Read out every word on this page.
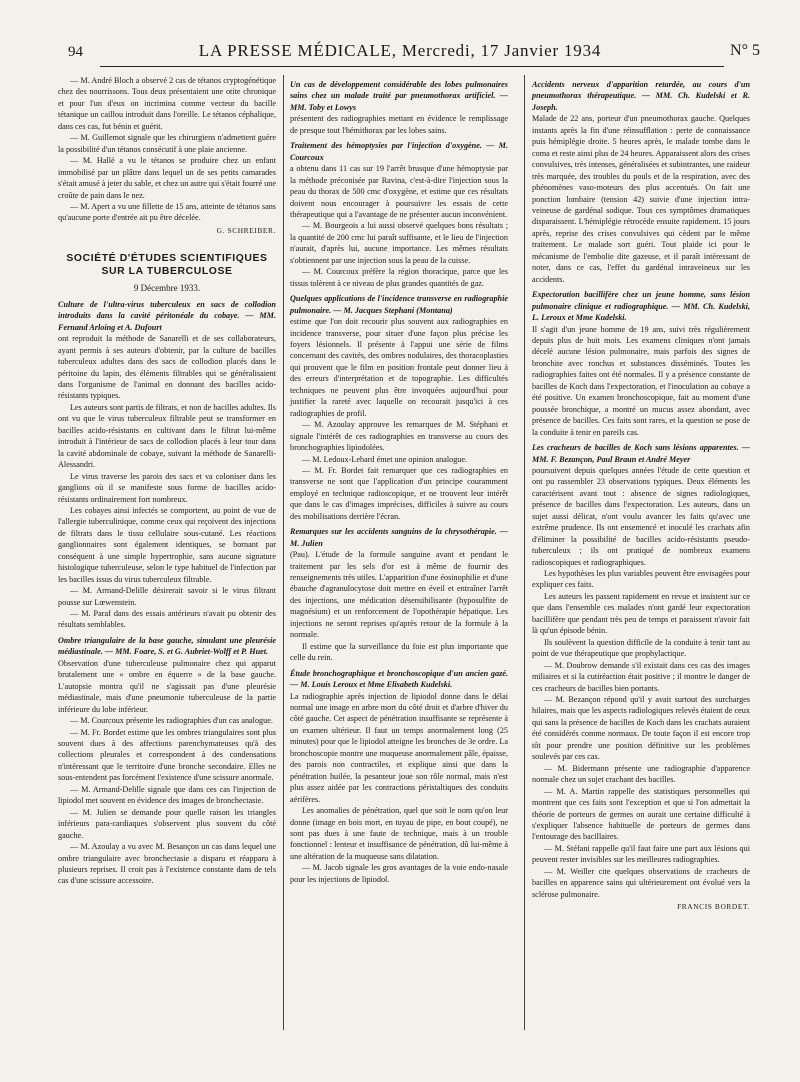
94	LA PRESSE MÉDICALE, Mercredi, 17 Janvier 1934	N° 5

— M. André Bloch a observé 2 cas de tétanos cryptogénétique chez des nourrissons. Tous deux présentaient une otite chronique et pour l'un d'eux on incrimina comme vecteur du bacille tétanique un caillou introduit dans l'oreille. Le tétanos céphalique, dans ces cas, fut bénin et guérit.

— M. Guillemot signale que les chirurgiens n'admettent guère la possibilité d'un tétanos consécutif à une plaie ancienne.

— M. Hallé a vu le tétanos se produire chez un enfant immobilisé par un plâtre dans lequel un de ses petits camarades s'était amusé à jeter du sable, et chez un autre qui s'était fourré une croûte de pain dans le nez.

— M. Apert a vu une fillette de 15 ans, atteinte de tétanos sans qu'aucune porte d'entrée ait pu être décelée.

G. SCHREIBER.

SOCIÉTÉ D'ÉTUDES SCIENTIFIQUES
SUR LA TUBERCULOSE
9 Décembre 1933.

Culture de l'ultra-virus tuberculeux en sacs de collodion introduits dans la cavité péritonéale du cobaye. — MM. Fernand Arloing et A. Dufourt

ont reproduit la méthode de Sanarelli et de ses collaborateurs, ayant permis à ses auteurs d'obtenir, par la culture de bacilles tuberculeux adultes dans des sacs de collodion placés dans le péritoine du lapin, des éléments filtrables qui se généralisaient dans l'organisme de l'animal en donnant des bacilles acido-résistants typiques.

Les auteurs sont partis de filtrats, et non de bacilles adultes. Ils ont vu que le virus tuberculeux filtrable peut se transformer en bacilles acido-résistants en cultivant dans le filtrat lui-même introduit à l'intérieur de sacs de collodion placés à leur tour dans la cavité abdominale de cobaye, suivant la méthode de Sanarelli-Alessandri.

Le virus traverse les parois des sacs et va coloniser dans les ganglions où il se manifeste sous forme de bacilles acido-résistants ordinairement fort nombreux.

Les cobayes ainsi infectés se comportent, au point de vue de l'allergie tuberculinique, comme ceux qui reçoivent des injections de filtrats dans le tissu cellulaire sous-cutané. Les réactions ganglionnaires sont également identiques, se bornant par conséquent à une simple hypertrophie, sans aucune signature histologique tuberculeuse, selon le type habituel de l'infection par les bacilles issus du virus tuberculeux filtrable.

— M. Armand-Delille désirerait savoir si le virus filtrant pousse sur Lœwenstein.

— M. Paraf dans des essais antérieurs n'avait pu obtenir des résultats semblables.

Ombre triangulaire de la base gauche, simulant une pleurésie médiastinale. — MM. Foare, S. et G. Aubriet-Wolff et P. Huet.

Observation d'une tuberculeuse pulmonaire chez qui apparut brutalement une « ombre en équerre » de la base gauche. L'autopsie montra qu'il ne s'agissait pas d'une pleurésie médiastinale, mais d'une pneumonie tuberculeuse de la partie inférieure du lobe inférieur.

— M. Courcoux présente les radiographies d'un cas analogue.

— M. Fr. Bordet estime que les ombres triangulaires sont plus souvent dues à des affections parenchymateuses qu'à des collections pleurales et correspondent à des condensations n'intéressant que le territoire d'une bronche secondaire. Elles ne sous-entendent pas forcément l'existence d'une scissure anormale.

— M. Armand-Delille signale que dans ces cas l'injection de lipiodol met souvent en évidence des images de bronchectasie.

— M. Julien se demande pour quelle raison les triangles inférieurs para-cardiaques s'observent plus souvent du côté gauche.

— M. Azoulay a vu avec M. Besançon un cas dans lequel une ombre triangulaire avec bronchectasie a disparu et réapparu à plusieurs reprises. Il croit pas à l'existence constante dans de tels cas d'une scissure accessoire.

Un cas de développement considérable des lobes pulmonaires sains chez un malade traité par pneumothorax artificiel. — MM. Toby et Lowys

présentent des radiographies mettant en évidence le remplissage de presque tout l'hémithorax par les lobes sains.

Traitement des hémoptysies par l'injection d'oxygène. — M. Courcoux

a obtenu dans 11 cas sur 19 l'arrêt brusque d'une hémoptysie par la méthode préconisée par Ravina, c'est-à-dire l'injection sous la peau du thorax de 500 cmc d'oxygène, et estime que ces résultats doivent nous encourager à poursuivre les essais de cette thérapeutique qui a l'avantage de ne présenter aucun inconvénient.

— M. Bourgeois a lui aussi observé quelques bons résultats ; la quantité de 200 cmc lui paraît suffisante, et le lieu de l'injection n'aurait, d'après lui, aucune importance. Les mêmes résultats s'obtiennent par une injection sous la peau de la cuisse.

— M. Courcoux préfère la région thoracique, parce que les tissus tolèrent à ce niveau de plus grandes quantités de gaz.

Quelques applications de l'incidence transverse en radiographie pulmonaire. — M. Jacques Stephani (Montana)

estime que l'on doit recourir plus souvent aux radiographies en incidence transverse, pour situer d'une façon plus précise les foyers lésionnels. Il présente à l'appui une série de films concernant des cavités, des ombres nodulaires, des thoracoplasties qui prouvent que le film en position frontale peut donner lieu à des erreurs d'interprétation et de topographie. Les difficultés techniques ne peuvent plus être invoquées aujourd'hui pour justifier la rareté avec laquelle on recourait jusqu'ici à ces radiographies de profil.

— M. Azoulay approuve les remarques de M. Stéphani et signale l'intérêt de ces radiographies en transverse au cours des bronchographies lipiodolées.

— M. Ledoux-Lebard émet une opinion analogue.

— M. Fr. Bordet fait remarquer que ces radiographies en transverse ne sont que l'application d'un principe couramment employé en technique radioscopique, et ne trouvent leur intérêt que dans le cas d'images imprécises, difficiles à suivre au cours des mobilisations derrière l'écran.

Remarques sur les accidents sanguins de la chrysothérapie. — M. Julien

(Pau). L'étude de la formule sanguine avant et pendant le traitement par les sels d'or est à même de fournir des renseignements très utiles. L'apparition d'une éosinophilie et d'une ébauche d'agranulocytose doit mettre en éveil et entraîner l'arrêt des injections, une médication désensibilisante (hyposulfite de magnésium) et un renforcement de l'opothérapie hépatique. Les injections ne seront reprises qu'après retour de la formule à la normale.

Il estime que la surveillance du foie est plus importante que celle du rein.

Étude bronchographique et bronchoscopique d'un ancien gazé. — M. Louis Leroux et Mme Elisabeth Kudelski.

La radiographie après injection de lipiodol donne dans le délai normal une image en arbre mort du côté droit et d'arbre d'hiver du côté gauche. Cet aspect de pénétration insuffisante se représente à un examen ultérieur. Il faut un temps anormalement long (25 minutes) pour que le lipiodol atteigne les bronches de 3e ordre. La bronchoscopie montre une muqueuse anormalement pâle, épaisse, des parois non contractiles, et explique ainsi que dans la pénétration huilée, la pesanteur joue son rôle normal, mais n'est plus assez aidée par les contractions péristaltiques des conduits aérifères.

Les anomalies de pénétration, quel que soit le nom qu'on leur donne (image en bois mort, en tuyau de pipe, en bout coupé), ne sont pas dues à une faute de technique, mais à un trouble fonctionnel : lenteur et insuffisance de pénétration, dû lui-même à une altération de la muqueuse sans dilatation.

— M. Jacob signale les gros avantages de la voie endo-nasale pour les injections de lipiodol.

Accidents nerveux d'apparition retardée, au cours d'un pneumothorax thérapeutique. — MM. Ch. Kudelski et R. Joseph.

Malade de 22 ans, porteur d'un pneumothorax gauche. Quelques instants après la fin d'une réinsufflation : perte de connaissance puis hémiplégie droite. 5 heures après, le malade tombe dans le coma et reste ainsi plus de 24 heures. Apparaissent alors des crises convulsives, très intenses, généralisées et subintrantes, une raideur très marquée, des troubles du pouls et de la respiration, avec des phénomènes vaso-moteurs des plus accentués. On fait une ponction lombaire (tension 42) suivie d'une injection intra-veineuse de gardénal sodique. Tous ces symptômes dramatiques disparaissent. L'hémiplégie rétrocède ensuite rapidement. 15 jours après, reprise des crises convulsives qui cèdent par le même traitement. Le malade sort guéri. Tout plaide ici pour le mécanisme de l'embolie dite gazeuse, et il paraît intéressant de noter, dans ce cas, l'effet du gardénal intraveineux sur les accidents.

Expectoration bacillifère chez un jeune homme, sans lésion pulmonaire clinique et radiographique. — MM. Ch. Kudelski, L. Leroux et Mme Kudelski.

Il s'agit d'un jeune homme de 19 ans, suivi très régulièrement depuis plus de huit mois. Les examens cliniques n'ont jamais décelé aucune lésion pulmonaire, mais parfois des signes de bronchite avec ronchus et substances disséminés. Toutes les radiographies faites ont été normales. Il y a présence constante de bacilles de Koch dans l'expectoration, et l'inoculation au cobaye a été positive. Un examen bronchoscopique, fait au moment d'une poussée bronchique, a montré un mucus assez abondant, avec présence de bacilles. Ces faits sont rares, et la question se pose de la conduite à tenir en pareils cas.

Les cracheurs de bacilles de Koch sans lésions apparentes. — MM. F. Bezançon, Paul Braun et André Meyer

poursuivent depuis quelques années l'étude de cette question et ont pu rassembler 23 observations typiques. Deux éléments les caractérisent avant tout : absence de signes radiologiques, présence de bacilles dans l'expectoration. Les auteurs, dans un sujet aussi délicat, n'ont voulu avancer les faits qu'avec une extrême prudence. Ils ont ensemencé et inoculé les crachats afin d'éliminer la possibilité de bacilles acido-résistants pseudo-tuberculeux ; ils ont pratiqué de nombreux examens radioscopiques et radiographiques.

Les hypothèses les plus variables peuvent être envisagées pour expliquer ces faits.

Les auteurs les passent rapidement en revue et insistent sur ce que dans l'ensemble ces malades n'ont gardé leur expectoration bacillifère que pendant très peu de temps et paraissent n'avoir fait là qu'un épisode bénin.

Ils soulèvent la question difficile de la conduite à tenir tant au point de vue thérapeutique que prophylactique.

— M. Doubrow demande s'il existait dans ces cas des images miliaires et si la cutiréaction était positive ; il montre le danger de ces cracheurs de bacilles bien portants.

— M. Bezançon répond qu'il y avait surtout des surcharges hilaires, mais que les aspects radiologiques relevés étaient de ceux qui sans la présence de bacilles de Koch dans les crachats auraient été considérés comme normaux. De toute façon il est encore trop tôt pour prendre une position définitive sur les problèmes soulevés par ces cas.

— M. Bidermann présente une radiographie d'apparence normale chez un sujet crachant des bacilles.

— M. A. Martin rappelle des statistiques personnelles qui montrent que ces faits sont l'exception et que si l'on admettait la théorie de porteurs de germes on aurait une certaine difficulté à s'expliquer l'absence habituelle de porteurs de germes dans l'entourage des bacillaires.

— M. Stéfani rappelle qu'il faut faire une part aux lésions qui peuvent rester invisibles sur les meilleures radiographies.

— M. Weiller cite quelques observations de cracheurs de bacilles en apparence sains qui ultérieurement ont évolué vers la sclérose pulmonaire.

FRANCIS BORDET.
